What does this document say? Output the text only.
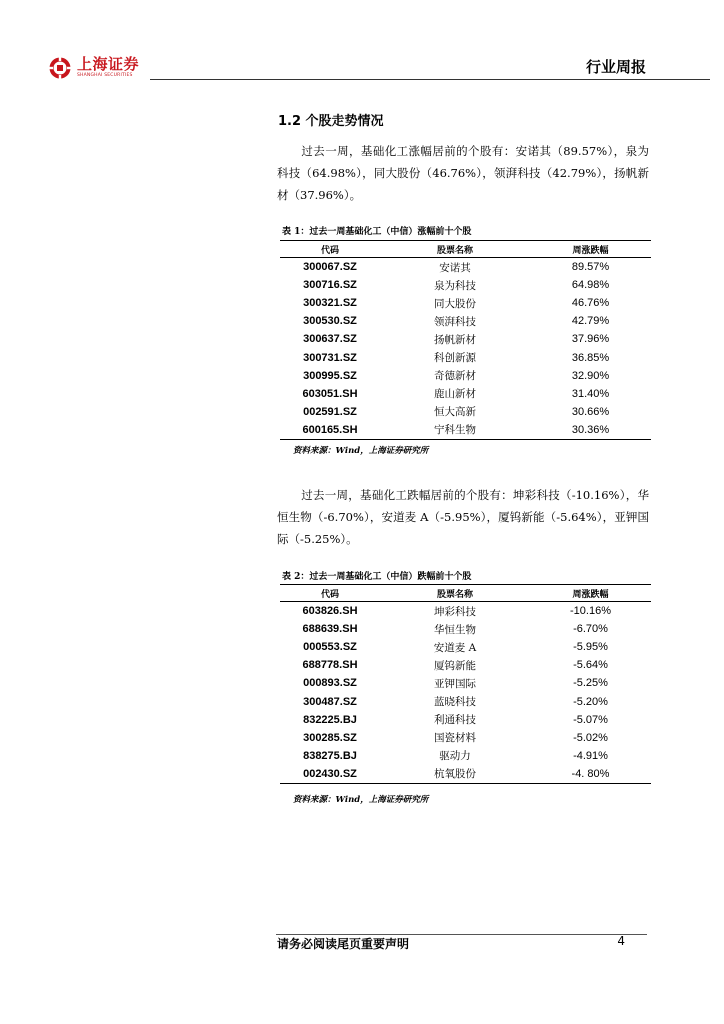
上海证券
SHANGHAI SECURITIES	行业周报
1.2 个股走势情况
过去一周，基础化工涨幅居前的个股有：安诺其（89.57%），泉为科技（64.98%），同大股份（46.76%），领湃科技（42.79%），扬帆新材（37.96%）。
表 1：过去一周基础化工（中信）涨幅前十个股
代码	股票名称	周涨跌幅
300067.SZ	安诺其	89.57%
300716.SZ	泉为科技	64.98%
300321.SZ	同大股份	46.76%
300530.SZ	领湃科技	42.79%
300637.SZ	扬帆新材	37.96%
300731.SZ	科创新源	36.85%
300995.SZ	奇德新材	32.90%
603051.SH	鹿山新材	31.40%
002591.SZ	恒大高新	30.66%
600165.SH	宁科生物	30.36%
资料来源：Wind，上海证券研究所
过去一周，基础化工跌幅居前的个股有：坤彩科技（-10.16%），华恒生物（-6.70%），安道麦 A（-5.95%），厦钨新能（-5.64%），亚钾国际（-5.25%）。
表 2：过去一周基础化工（中信）跌幅前十个股
代码	股票名称	周涨跌幅
603826.SH	坤彩科技	-10.16%
688639.SH	华恒生物	-6.70%
000553.SZ	安道麦 A	-5.95%
688778.SH	厦钨新能	-5.64%
000893.SZ	亚钾国际	-5.25%
300487.SZ	蓝晓科技	-5.20%
832225.BJ	利通科技	-5.07%
300285.SZ	国瓷材料	-5.02%
838275.BJ	驱动力	-4.91%
002430.SZ	杭氧股份	-4. 80%
资料来源：Wind，上海证券研究所
请务必阅读尾页重要声明	4
